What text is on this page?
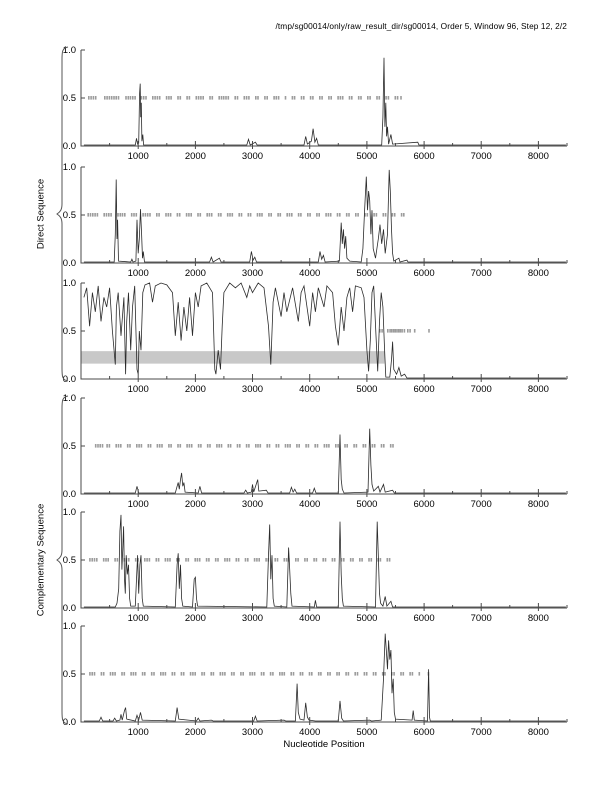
/tmp/sg00014/only/raw_result_dir/sg00014, Order 5, Window 96, Step 12, 2/2
0.0
0.5
1.0
1000	2000	3000	4000	5000	6000	7000	8000
0.0
0.5
1.0
1000	2000	3000	4000	5000	6000	7000	8000
0.0
0.5
1.0
1000	2000	3000	4000	5000	6000	7000	8000
0.0
0.5
1.0
1000	2000	3000	4000	5000	6000	7000	8000
0.0
0.5
1.0
1000	2000	3000	4000	5000	6000	7000	8000
0.0
0.5
1.0
1000	2000	3000	4000	5000	6000	7000	8000
Direct Sequence
Complementary Sequence
Nucleotide Position
